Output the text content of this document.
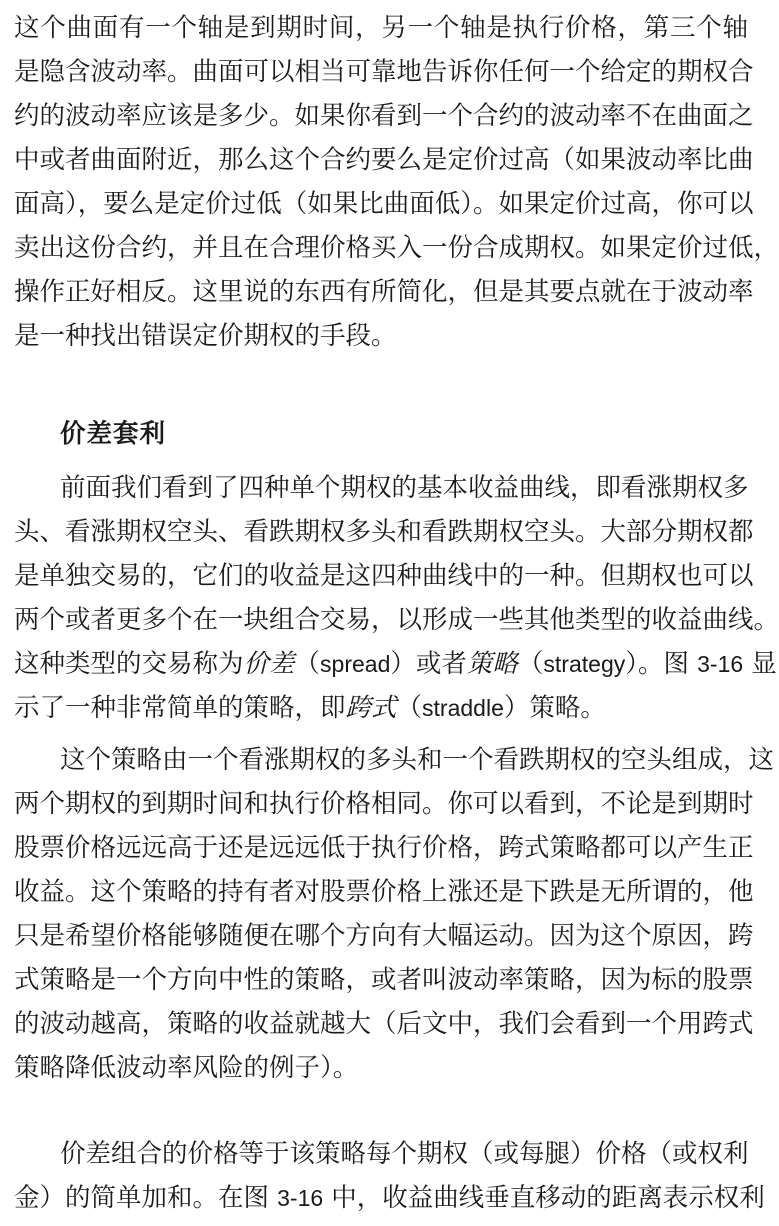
这个曲面有一个轴是到期时间，另一个轴是执行价格，第三个轴
是隐含波动率。曲面可以相当可靠地告诉你任何一个给定的期权合
约的波动率应该是多少。如果你看到一个合约的波动率不在曲面之
中或者曲面附近，那么这个合约要么是定价过高（如果波动率比曲
面高），要么是定价过低（如果比曲面低）。如果定价过高，你可以
卖出这份合约，并且在合理价格买入一份合成期权。如果定价过低，
操作正好相反。这里说的东西有所简化，但是其要点就在于波动率
是一种找出错误定价期权的手段。
价差套利
前面我们看到了四种单个期权的基本收益曲线，即看涨期权多
头、看涨期权空头、看跌期权多头和看跌期权空头。大部分期权都
是单独交易的，它们的收益是这四种曲线中的一种。但期权也可以
两个或者更多个在一块组合交易，以形成一些其他类型的收益曲线。
这种类型的交易称为价差（spread）或者策略（strategy）。图 3-16 显
示了一种非常简单的策略，即跨式（straddle）策略。
这个策略由一个看涨期权的多头和一个看跌期权的空头组成，这
两个期权的到期时间和执行价格相同。你可以看到，不论是到期时
股票价格远远高于还是远远低于执行价格，跨式策略都可以产生正
收益。这个策略的持有者对股票价格上涨还是下跌是无所谓的，他
只是希望价格能够随便在哪个方向有大幅运动。因为这个原因，跨
式策略是一个方向中性的策略，或者叫波动率策略，因为标的股票
的波动越高，策略的收益就越大（后文中，我们会看到一个用跨式
策略降低波动率风险的例子）。
价差组合的价格等于该策略每个期权（或每腿）价格（或权利
金）的简单加和。在图 3-16 中，收益曲线垂直移动的距离表示权利
